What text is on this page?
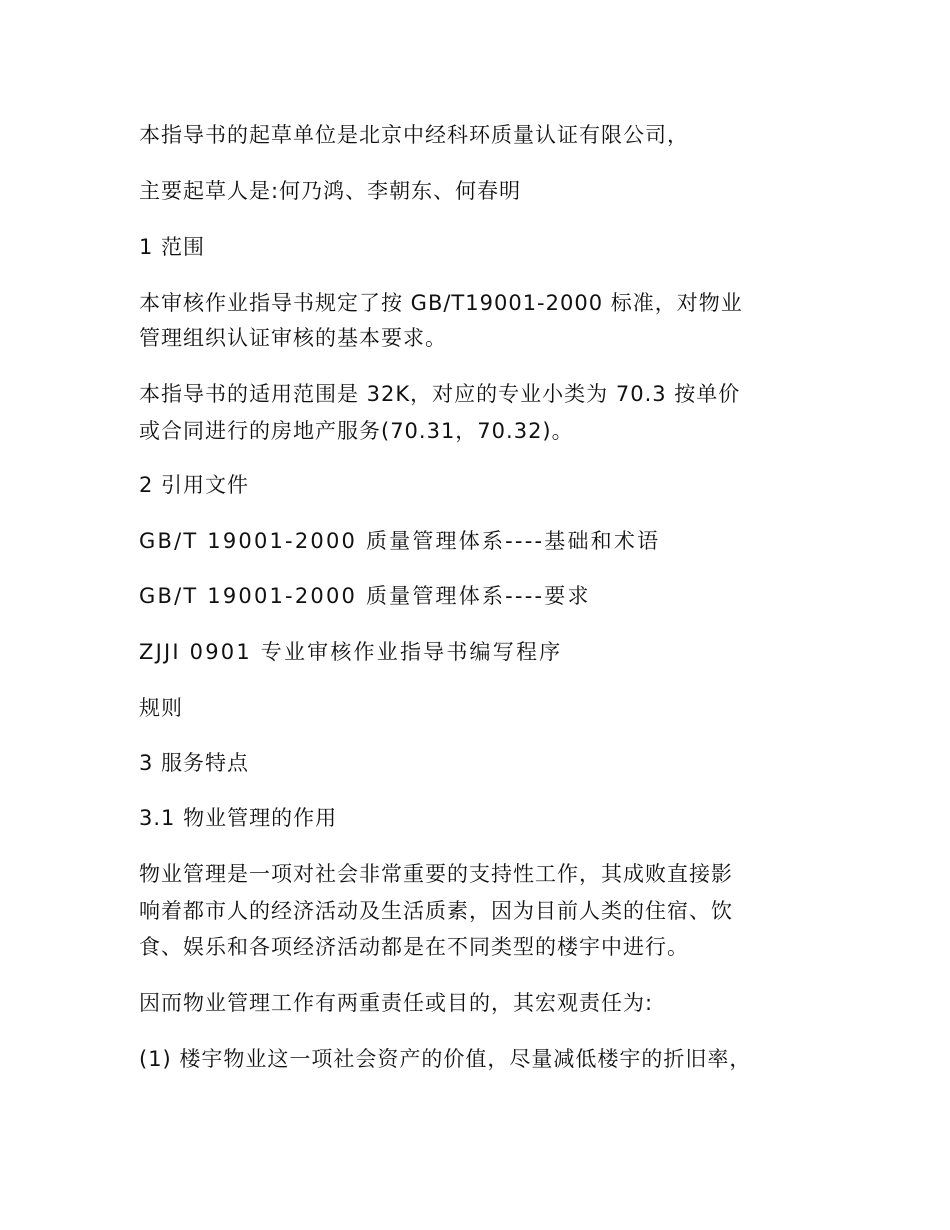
本指导书的起草单位是北京中经科环质量认证有限公司，
主要起草人是:何乃鸿、李朝东、何春明
1 范围
本审核作业指导书规定了按 GB/T19001-2000 标准，对物业
管理组织认证审核的基本要求。
本指导书的适用范围是 32K，对应的专业小类为 70.3 按单价
或合同进行的房地产服务(70.31，70.32)。
2 引用文件
GB/T 19001-2000 质量管理体系----基础和术语
GB/T 19001-2000 质量管理体系----要求
ZJJI 0901 专业审核作业指导书编写程序
规则
3 服务特点
3.1 物业管理的作用
物业管理是一项对社会非常重要的支持性工作，其成败直接影
响着都市人的经济活动及生活质素，因为目前人类的住宿、饮
食、娱乐和各项经济活动都是在不同类型的楼宇中进行。
因而物业管理工作有两重责任或目的，其宏观责任为:
(1) 楼宇物业这一项社会资产的价值，尽量减低楼宇的折旧率，
